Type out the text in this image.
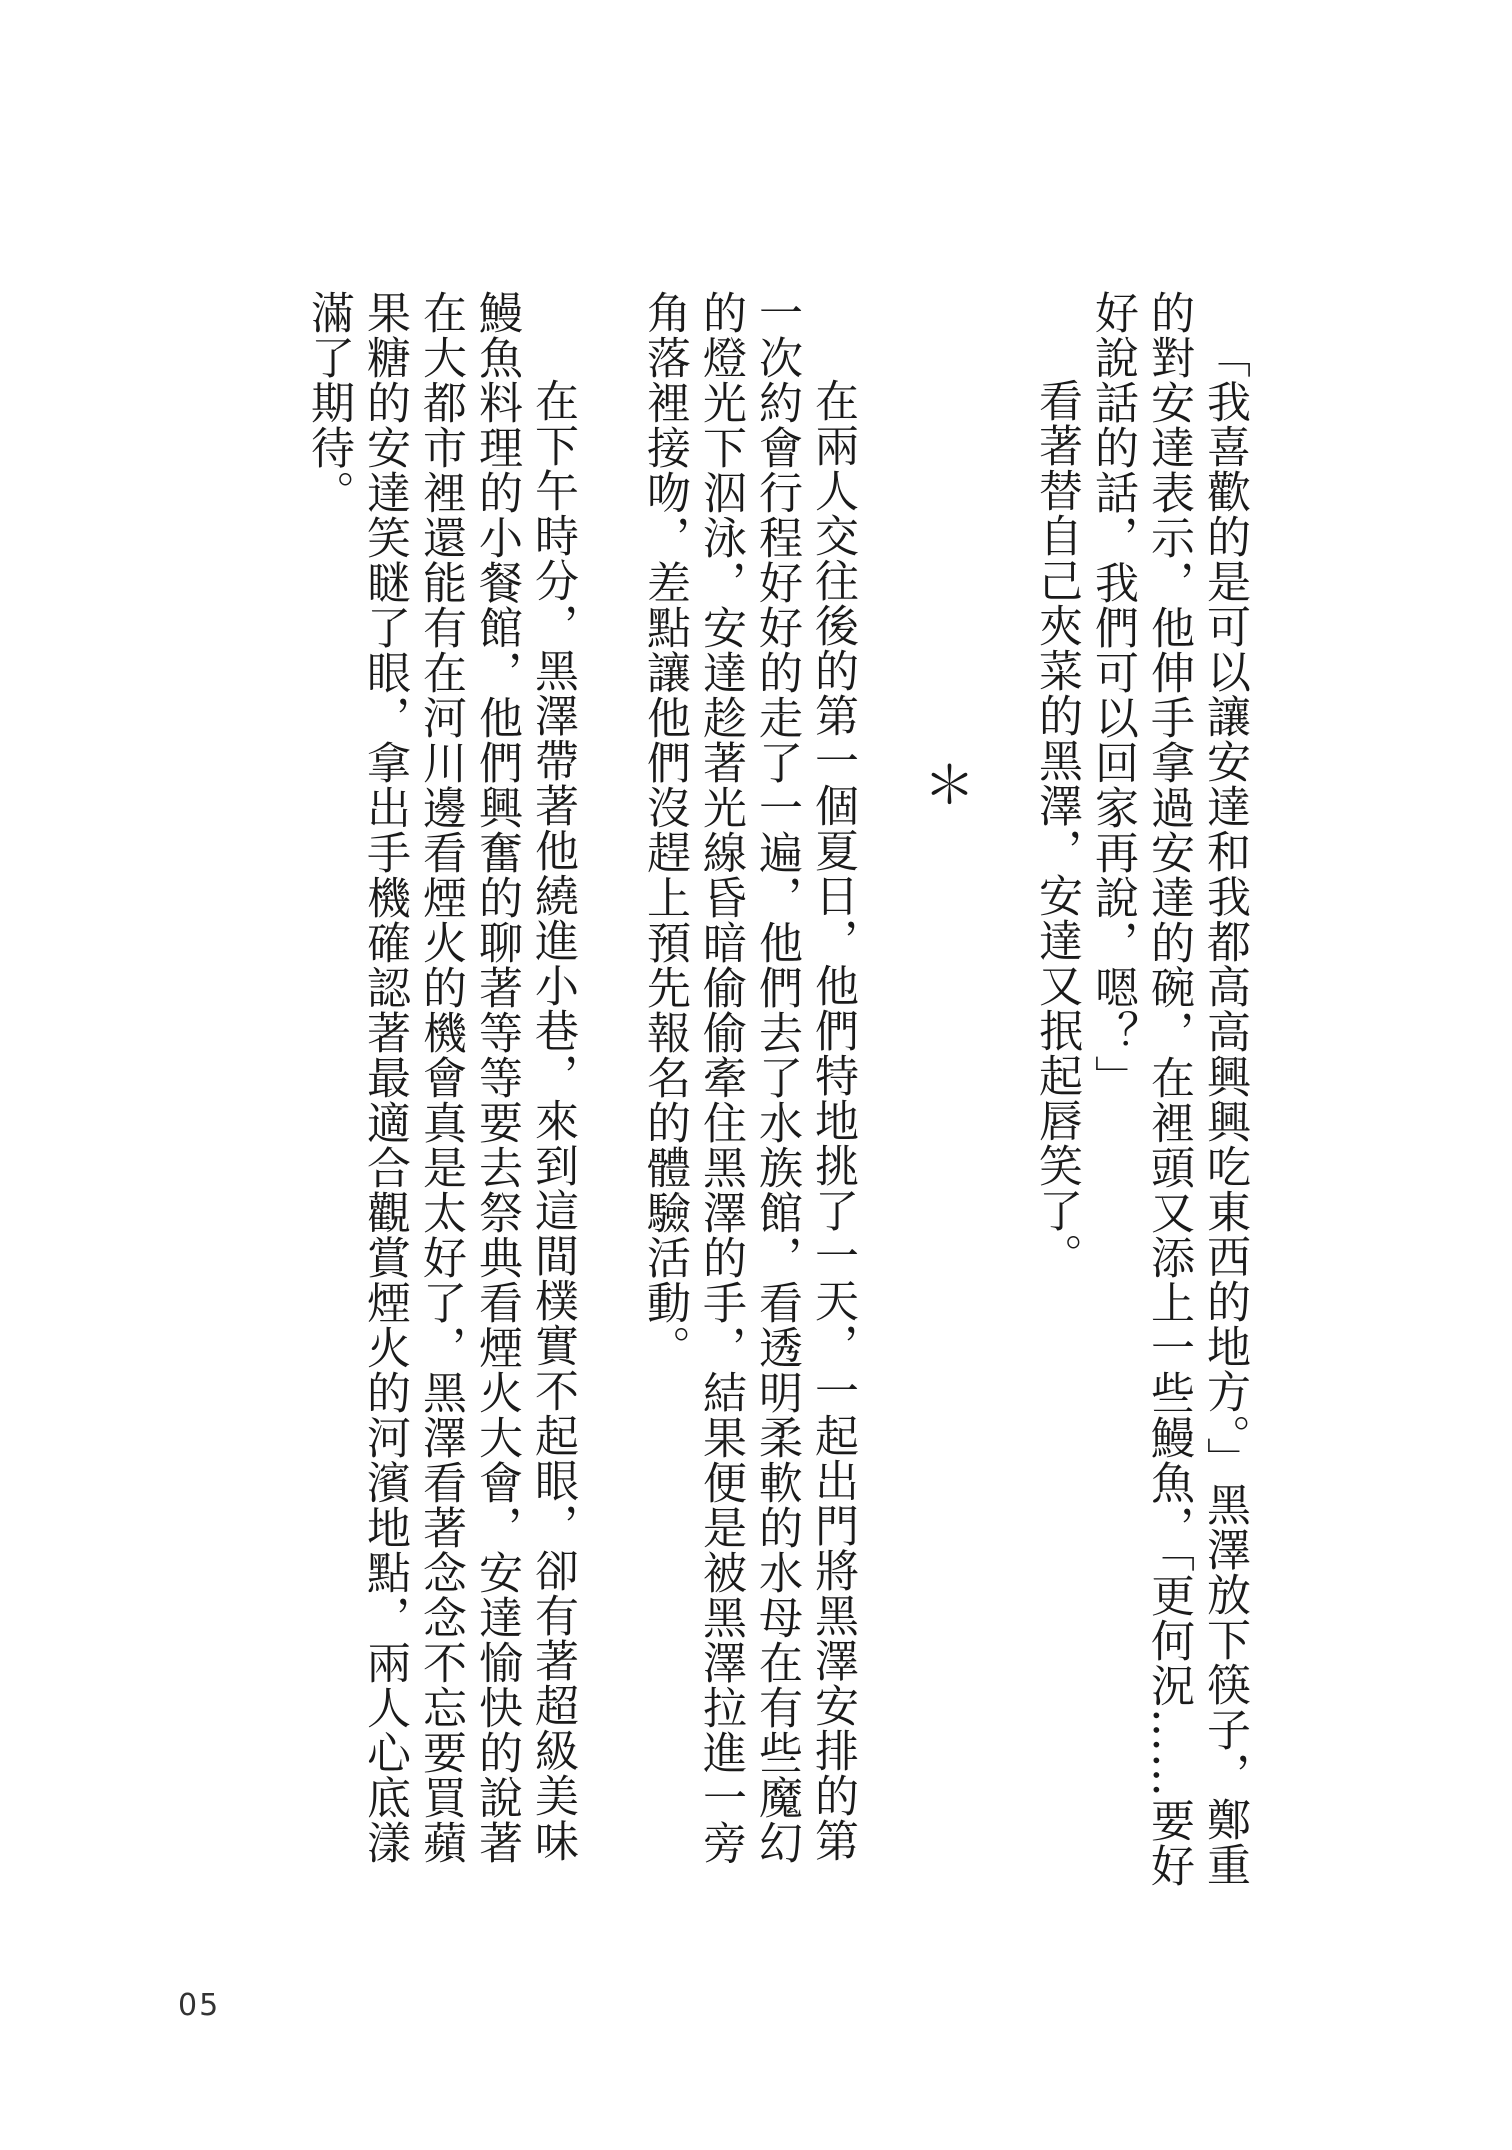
「我喜歡的是可以讓安達和我都高高興興吃東西的地方。」黑澤放下筷子，鄭重的對安達表示，他伸手拿過安達的碗，在裡頭又添上一些鰻魚，「更何況……要好好說話的話，我們可以回家再說，嗯？」

看著替自己夾菜的黑澤，安達又抿起唇笑了。

＊

在兩人交往後的第一個夏日，他們特地挑了一天，一起出門將黑澤安排的第一次約會行程好好的走了一遍，他們去了水族館，看透明柔軟的水母在有些魔幻的燈光下泅泳，安達趁著光線昏暗偷偷牽住黑澤的手，結果便是被黑澤拉進一旁角落裡接吻，差點讓他們沒趕上預先報名的體驗活動。

在下午時分，黑澤帶著他繞進小巷，來到這間樸實不起眼，卻有著超級美味鰻魚料理的小餐館，他們興奮的聊著等等要去祭典看煙火大會，安達愉快的說著在大都市裡還能有在河川邊看煙火的機會真是太好了，黑澤看著念念不忘要買蘋果糖的安達笑瞇了眼，拿出手機確認著最適合觀賞煙火的河濱地點，兩人心底漾滿了期待。

05
